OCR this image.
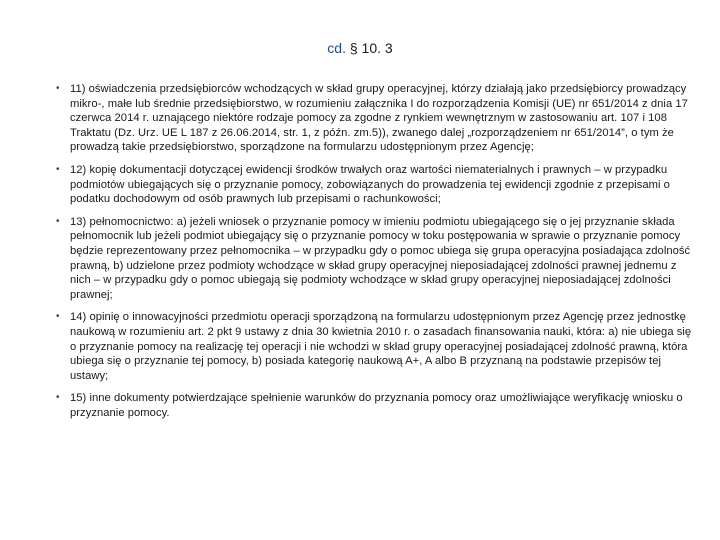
cd. § 10. 3
• 11) oświadczenia przedsiębiorców wchodzących w skład grupy operacyjnej, którzy działają jako przedsiębiorcy prowadzący mikro-, małe lub średnie przedsiębiorstwo, w rozumieniu załącznika I do rozporządzenia Komisji (UE) nr 651/2014 z dnia 17 czerwca 2014 r. uznającego niektóre rodzaje pomocy za zgodne z rynkiem wewnętrznym w zastosowaniu art. 107 i 108 Traktatu (Dz. Urz. UE L 187 z 26.06.2014, str. 1, z późn. zm.5)), zwanego dalej „rozporządzeniem nr 651/2014”, o tym że prowadzą takie przedsiębiorstwo, sporządzone na formularzu udostępnionym przez Agencję;
• 12) kopię dokumentacji dotyczącej ewidencji środków trwałych oraz wartości niematerialnych i prawnych – w przypadku podmiotów ubiegających się o przyznanie pomocy, zobowiązanych do prowadzenia tej ewidencji zgodnie z przepisami o podatku dochodowym od osób prawnych lub przepisami o rachunkowości;
• 13) pełnomocnictwo: a) jeżeli wniosek o przyznanie pomocy w imieniu podmiotu ubiegającego się o jej przyznanie składa pełnomocnik lub jeżeli podmiot ubiegający się o przyznanie pomocy w toku postępowania w sprawie o przyznanie pomocy będzie reprezentowany przez pełnomocnika – w przypadku gdy o pomoc ubiega się grupa operacyjna posiadająca zdolność prawną, b) udzielone przez podmioty wchodzące w skład grupy operacyjnej nieposiadającej zdolności prawnej jednemu z nich – w przypadku gdy o pomoc ubiegają się podmioty wchodzące w skład grupy operacyjnej nieposiadającej zdolności prawnej;
• 14) opinię o innowacyjności przedmiotu operacji sporządzoną na formularzu udostępnionym przez Agencję przez jednostkę naukową w rozumieniu art. 2 pkt 9 ustawy z dnia 30 kwietnia 2010 r. o zasadach finansowania nauki, która: a) nie ubiega się o przyznanie pomocy na realizację tej operacji i nie wchodzi w skład grupy operacyjnej posiadającej zdolność prawną, która ubiega się o przyznanie tej pomocy, b) posiada kategorię naukową A+, A albo B przyznaną na podstawie przepisów tej ustawy;
• 15) inne dokumenty potwierdzające spełnienie warunków do przyznania pomocy oraz umożliwiające weryfikację wniosku o przyznanie pomocy.
